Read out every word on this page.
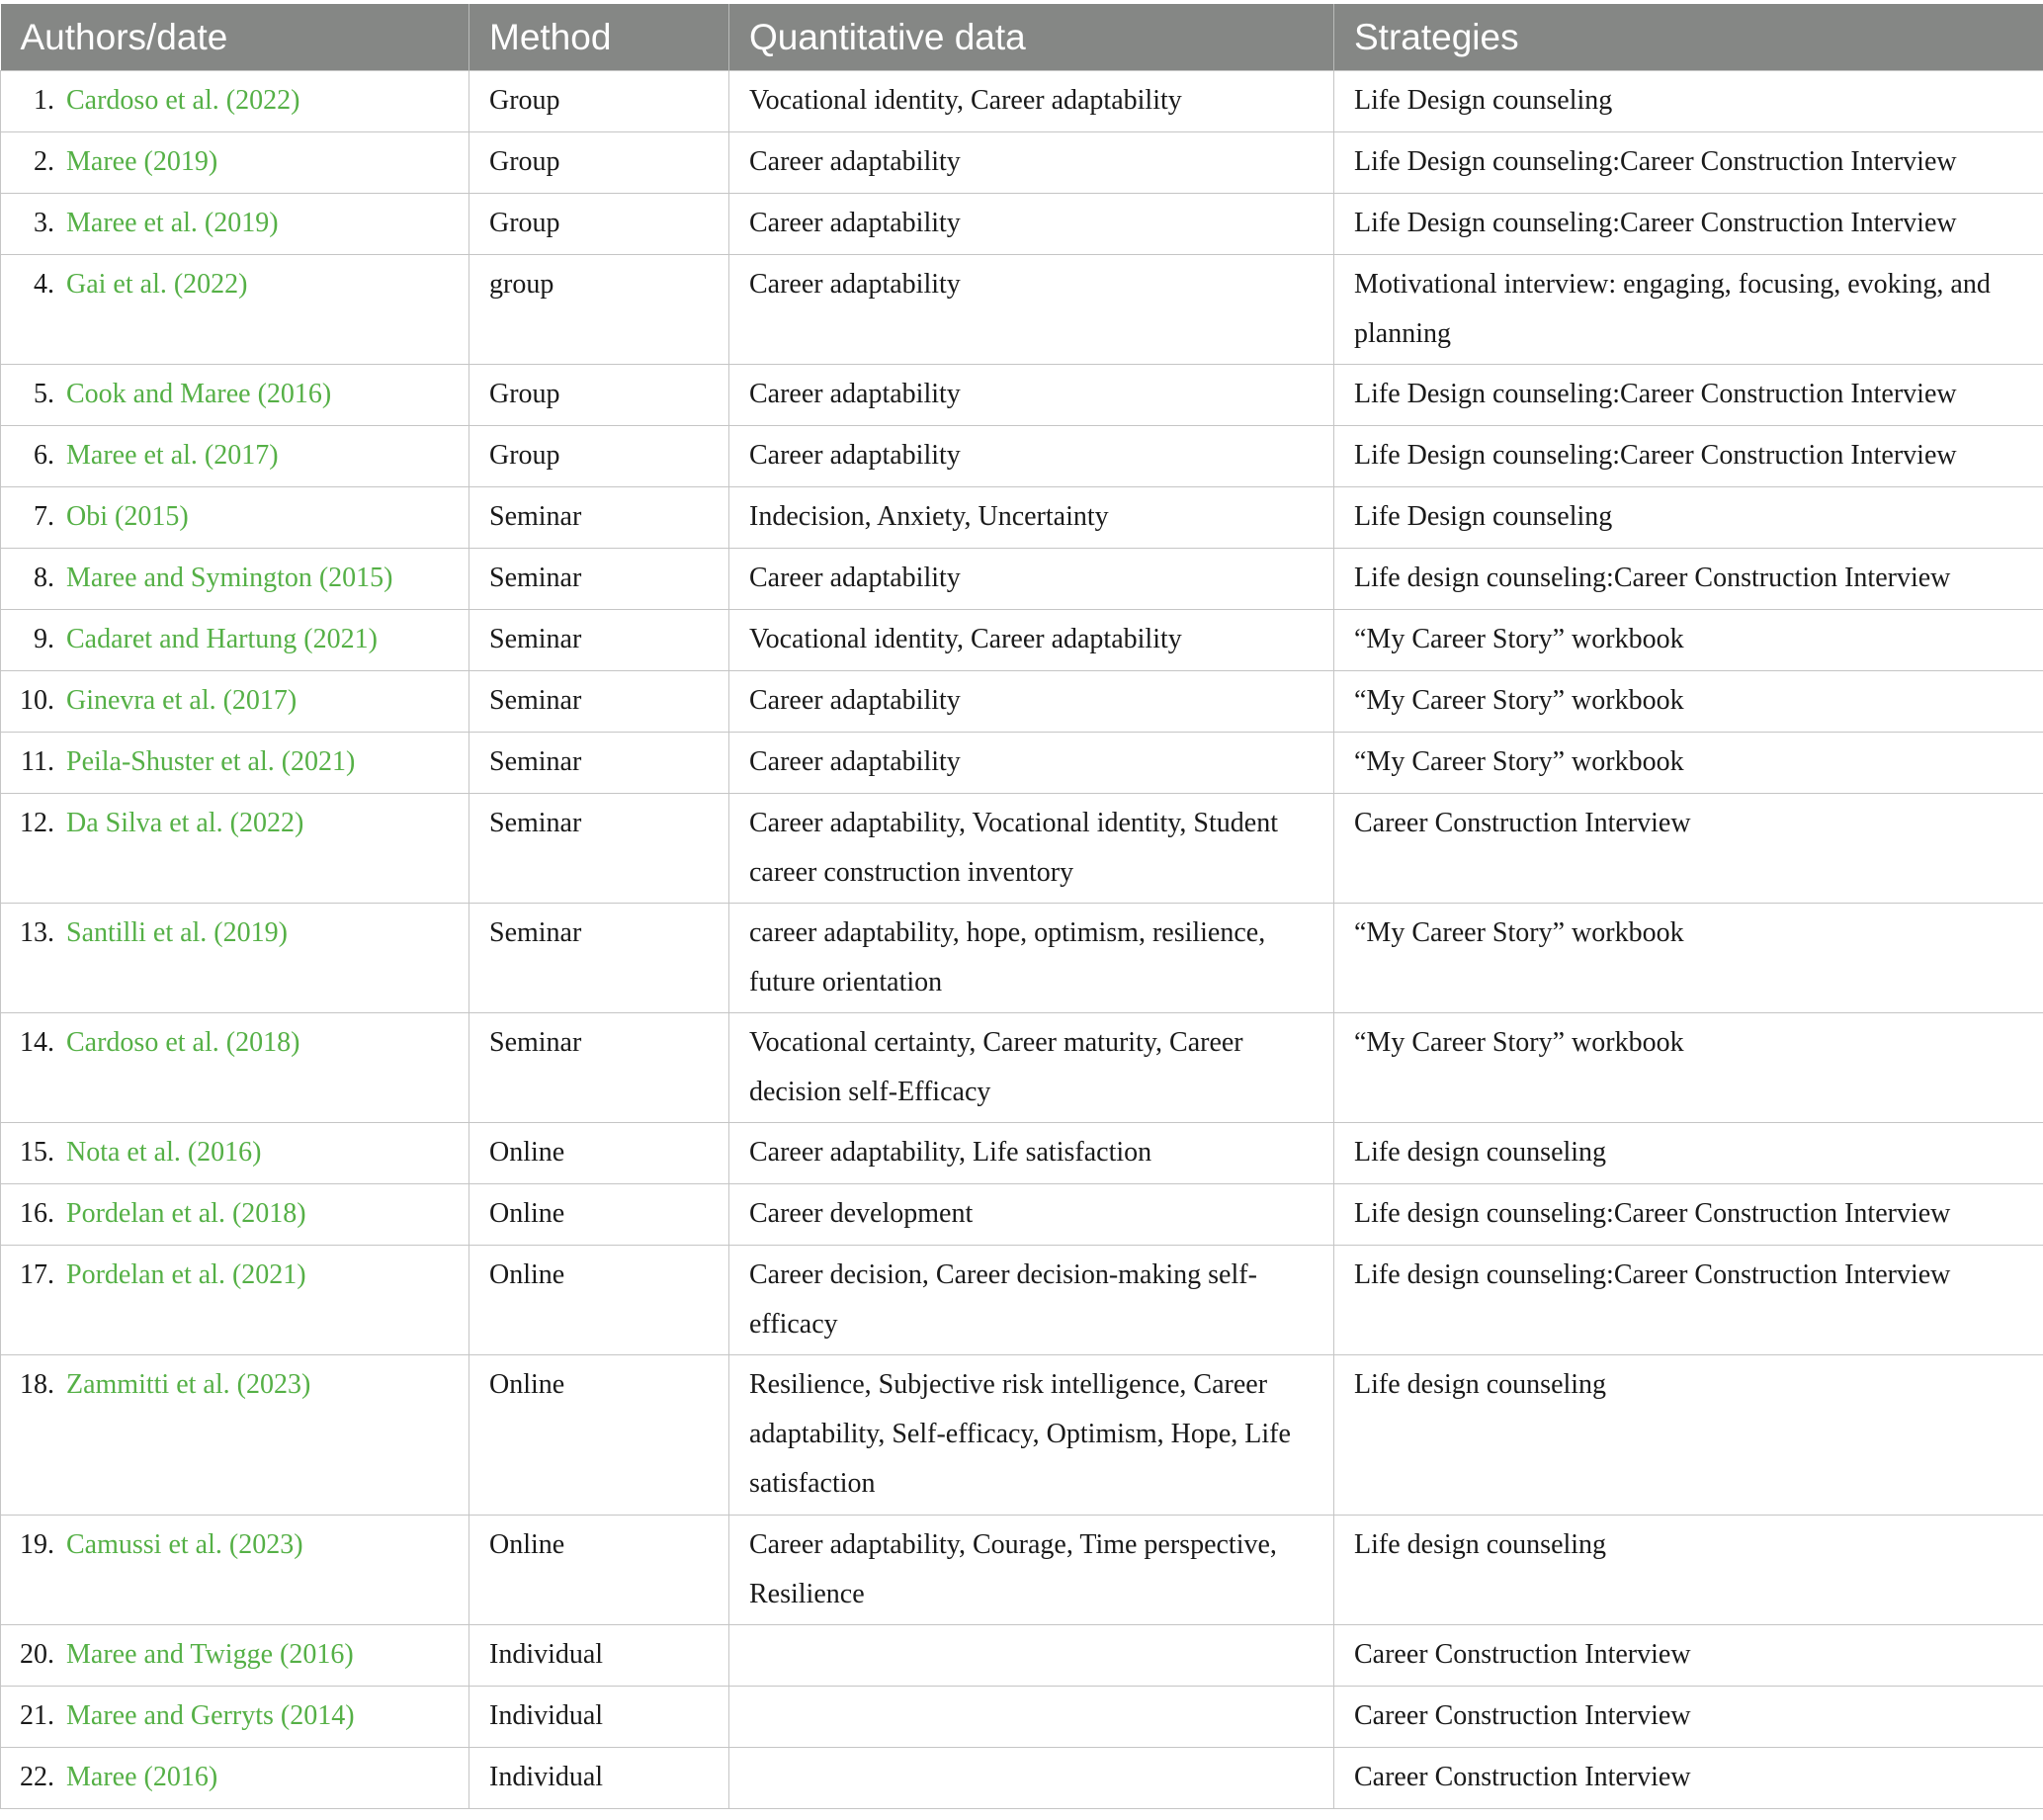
Authors/date	Method	Quantitative data	Strategies

1. Cardoso et al. (2022)	Group	Vocational identity, Career adaptability	Life Design counseling

2. Maree (2019)	Group	Career adaptability	Life Design counseling:Career Construction Interview

3. Maree et al. (2019)	Group	Career adaptability	Life Design counseling:Career Construction Interview

4. Gai et al. (2022)	group	Career adaptability	Motivational interview: engaging, focusing, evoking, and planning

5. Cook and Maree (2016)	Group	Career adaptability	Life Design counseling:Career Construction Interview

6. Maree et al. (2017)	Group	Career adaptability	Life Design counseling:Career Construction Interview

7. Obi (2015)	Seminar	Indecision, Anxiety, Uncertainty	Life Design counseling

8. Maree and Symington (2015)	Seminar	Career adaptability	Life design counseling:Career Construction Interview

9. Cadaret and Hartung (2021)	Seminar	Vocational identity, Career adaptability	“My Career Story” workbook

10. Ginevra et al. (2017)	Seminar	Career adaptability	“My Career Story” workbook

11. Peila-Shuster et al. (2021)	Seminar	Career adaptability	“My Career Story” workbook

12. Da Silva et al. (2022)	Seminar	Career adaptability, Vocational identity, Student career construction inventory	Career Construction Interview

13. Santilli et al. (2019)	Seminar	career adaptability, hope, optimism, resilience, future orientation	“My Career Story” workbook

14. Cardoso et al. (2018)	Seminar	Vocational certainty, Career maturity, Career decision self-Efficacy	“My Career Story” workbook

15. Nota et al. (2016)	Online	Career adaptability, Life satisfaction	Life design counseling

16. Pordelan et al. (2018)	Online	Career development	Life design counseling:Career Construction Interview

17. Pordelan et al. (2021)	Online	Career decision, Career decision-making self-efficacy	Life design counseling:Career Construction Interview

18. Zammitti et al. (2023)	Online	Resilience, Subjective risk intelligence, Career adaptability, Self-efficacy, Optimism, Hope, Life satisfaction	Life design counseling

19. Camussi et al. (2023)	Online	Career adaptability, Courage, Time perspective, Resilience	Life design counseling

20. Maree and Twigge (2016)	Individual		Career Construction Interview

21. Maree and Gerryts (2014)	Individual		Career Construction Interview

22. Maree (2016)	Individual		Career Construction Interview
